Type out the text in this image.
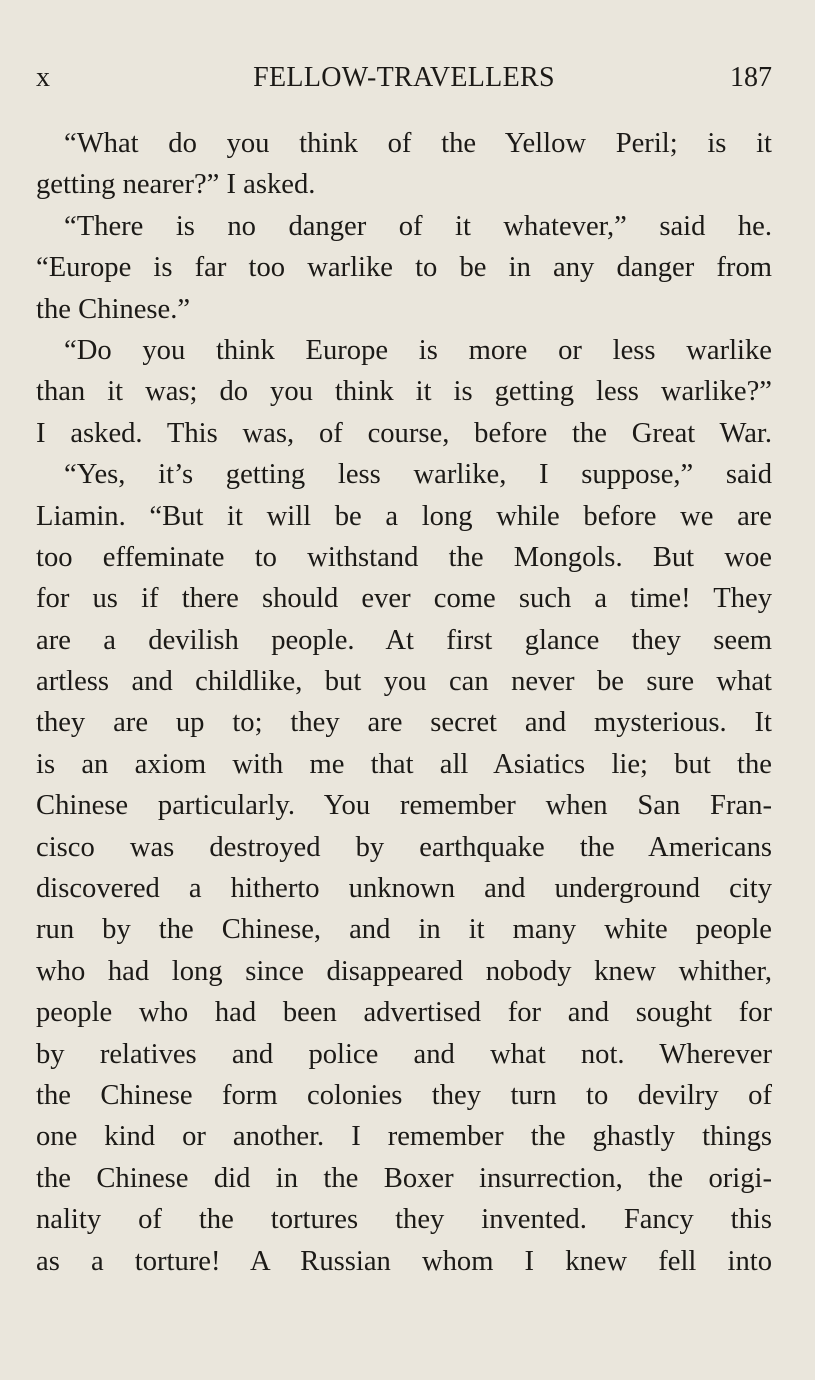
x	FELLOW-TRAVELLERS	187
“What do you think of the Yellow Peril; is it
getting nearer?” I asked.
“There is no danger of it whatever,” said he.
“Europe is far too warlike to be in any danger from
the Chinese.”
“Do you think Europe is more or less warlike
than it was; do you think it is getting less warlike?”
I asked. This was, of course, before the Great War.
“Yes, it’s getting less warlike, I suppose,” said
Liamin. “But it will be a long while before we are
too effeminate to withstand the Mongols. But woe
for us if there should ever come such a time! They
are a devilish people. At first glance they seem
artless and childlike, but you can never be sure what
they are up to; they are secret and mysterious. It
is an axiom with me that all Asiatics lie; but the
Chinese particularly. You remember when San Fran-
cisco was destroyed by earthquake the Americans
discovered a hitherto unknown and underground city
run by the Chinese, and in it many white people
who had long since disappeared nobody knew whither,
people who had been advertised for and sought for
by relatives and police and what not. Wherever
the Chinese form colonies they turn to devilry of
one kind or another. I remember the ghastly things
the Chinese did in the Boxer insurrection, the origi-
nality of the tortures they invented. Fancy this
as a torture! A Russian whom I knew fell into
